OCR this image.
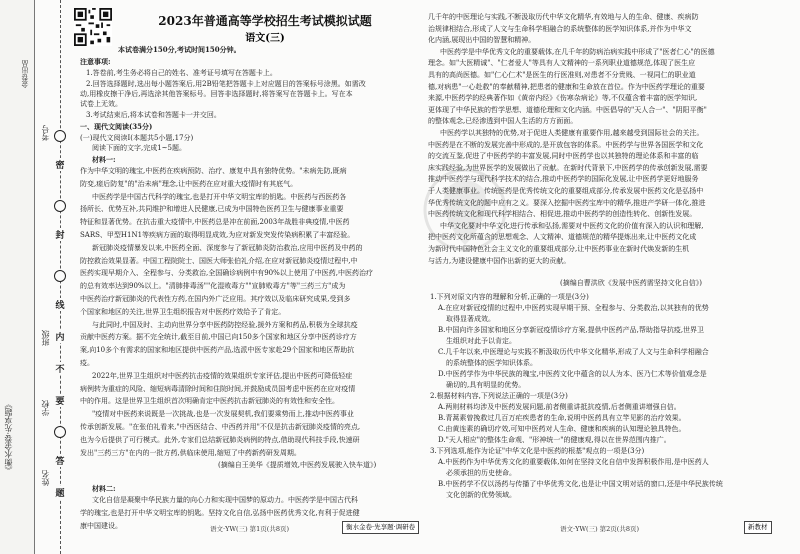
《衡水金卷·先享题》
金卷出品
姓名
班级
学校
考号
密
封
线
内
不
要
答
题
2023年普通高等学校招生考试模拟试题
语文(三)
本试卷满分150分,考试时间150分钟。
注意事项:
1.答卷前,考生务必将自己的姓名、准考证号填写在答题卡上。
2.回答选择题时,选出每小题答案后,用2B铅笔把答题卡上对应题目的答案标号涂黑。如需改
动,用橡皮擦干净后,再选涂其他答案标号。回答非选择题时,将答案写在答题卡上。写在本
试卷上无效。
3.考试结束后,将本试卷和答题卡一并交回。
一、现代文阅读(35分)
(一)现代文阅读Ⅰ(本题共5小题,17分)
阅读下面的文字,完成1~5题。
材料一:
材料二:
(摘编自曹洪欣《发展中医药需坚持文化自信》)
语文·YW(三) 第1页(共8页)	衡水金卷·先享题·调研卷	语文·YW(三) 第2页(共8页)	新教材
作为中华文明的瑰宝,中医药在疾病预防、治疗、康复中具有独特优势。"未病先防,既病
防变,瘥后防复"的"治未病"理念,让中医药在应对重大疫情时有其底气。
中医药学是中国古代科学的瑰宝,也是打开中华文明宝库的钥匙。中医药与西医药各
扬所长、优势互补,共同维护和增进人民健康,已成为中国特色医药卫生与健康事业重要
特征和显著优势。在抗击重大疫情中,中医药总是冲在前面,2003年战胜非典疫情,中医药
SARS、甲型H1N1等疾病方面的取得明显成效,为应对新发突发传染病积累了丰富经验。
新冠肺炎疫情暴发以来,中医药全面、深度参与了新冠肺炎防治救治,应用中医药及中药的
防控救治效果显著。中国工程院院士、国医大师张伯礼介绍,在应对新冠肺炎疫情过程中,中
医药实现早期介入、全程参与、分类救治,全国确诊病例中有90%以上使用了中医药,中医药治疗
的总有效率达到90%以上。"清肺排毒汤""化湿败毒方""宣肺败毒方"等"三药三方"成为
中医药治疗新冠肺炎的代表性方药,在国内外广泛应用。其疗效以及临床研究成果,受到多
个国家和地区的关注,世界卫生组织报告对中医药疗效给予了肯定。
与此同时,中国及时、主动向世界分享中医药防控经验,援外方案和药品,积极为全球抗疫
贡献中医药方案。据不完全统计,截至目前,中国已向150多个国家和地区分享中医药诊疗方
案,向10多个有需求的国家和地区提供中医药产品,选派中医专家赴29个国家和地区帮助抗
疫。
2022年,世界卫生组织对中医药抗击疫情的效果组织专家评估,提出中医药可降低轻症
病例转为重症的风险、缩短病毒清除时间和住院时间,并鼓励成员国考虑中医药在应对疫情
中的作用。这是世界卫生组织首次明确肯定中医药抗击新冠肺炎的有效性和安全性。
"疫情对中医药来说既是一次挑战,也是一次发展契机,我们要乘势而上,推动中医药事业
传承创新发展。"在张伯礼看来,"中西医结合、中西药并用"不仅是抗击新冠肺炎疫情的亮点,
也为今后提供了可行模式。此外,专家们总结新冠肺炎病例的特点,借助现代科技手段,快速研
发出"三药三方"在内的一批方药,供临床使用,缩短了中药新药研发周期。
(摘编自王美华《提质增效,中医药发展驶入快车道》)
文化自信是凝聚中华民族力量的向心力和实现中国梦的原动力。中医药学是中国古代科
学的瑰宝,也是打开中华文明宝库的钥匙。坚持文化自信,弘扬中医药优秀文化,有利于促进健
康中国建设。
几千年的中医理论与实践,不断汲取历代中华文化精华,有效地与人的生命、健康、疾病防
治规律相结合,形成了人文与生命科学相融合的系统整体的医学知识体系,并作为中华文
化内涵,展现出中国的智慧和精神。
中医药学是中华优秀文化的重要载体,在几千年的防病治病实践中形成了"医者仁心"的医德
理念。如"大医精诚"、"仁者爱人"等具有人文精神的一系列职业道德规范,体现了医生应
具有的高尚医德。如"仁心仁术"是医生的行医准则,对患者不分贵贱、一视同仁的职业道
德,对病患"一心赴救"的奉献精神,把患者的健康和生命放在首位。作为中医药学理论的重要
来源,中医药学的经典著作如《黄帝内经》《伤寒杂病论》等,不仅蕴含着丰富的医学知识,
更体现了中华民族的哲学思想、道德伦理和文化内涵。中医倡导的"天人合一"、"阴阳平衡"
的整体观念,已经渗透到中国人生活的方方面面。
中医药学以其独特的优势,对于促进人类健康有重要作用,越来越受到国际社会的关注。
中医药是在不断的发展完善中形成的,是开放包容的体系。中医药学与世界各国医学和文化
的交流互鉴,促进了中医药学的丰富发展,同时中医药学也以其独特的理论体系和丰富的临
床实践经验,为世界医学的发展做出了贡献。在新时代背景下,中医药学的传承创新发展,需要
推动中医药学与现代科学技术的结合,推动中医药学的国际化发展,让中医药学更好地服务
于人类健康事业。传统医药是优秀传统文化的重要组成部分,传承发展中医药文化是弘扬中
华优秀传统文化的题中应有之义。要深入挖掘中医药宝库中的精华,推进产学研一体化,推进
中医药传统文化和现代科学相结合、相促进,推动中医药学的创造性转化、创新性发展。
中华文化要对中华文化进行传承和弘扬,需要对中医药文化的价值有深入的认识和理解,
把中医药文化所蕴含的思想观念、人文精神、道德规范的精华提炼出来,让中医药文化成
为新时代中国特色社会主义文化的重要组成部分,让中医药事业在新时代焕发新的生机
与活力,为建设健康中国作出新的更大的贡献。
1.下列对原文内容的理解和分析,正确的一项是(3分)
A.在应对新冠疫情的过程中,中医药实现早期干预、全程参与、分类救治,以其独有的优势
取得显著成效。
B.中国向许多国家和地区分享新冠疫情诊疗方案,提供中医药产品,帮助指导抗疫,世界卫
生组织对此予以肯定。
C.几千年以来,中医理论与实践不断汲取历代中华文化精华,形成了人文与生命科学相融合
的系统整体的医学知识体系。
D.中医药学作为中华民族的瑰宝,中医药文化中蕴含的以人为本、医乃仁术等价值观念是
确切的,具有明显的优势。
2.根据材料内容,下列说法正确的一项是(3分)
A.两则材料均涉及中医药发展问题,前者侧重讲抵抗疫情,后者侧重讲增强自信。
B.青蒿素曾挽救过几百万疟疾患者的生命,说明中医药具有立竿见影的治疗效果。
C.由黄连素的确切疗效,可知中医药对人生命、健康和疾病的认知理论独具特色。
D."天人相应"的整体生命观、"形神统一"的健康观,得以在世界范围内推广。
3.下列选项,能作为论证"中华文化是中医药的根基"观点的一项是(3分)
A.中医药作为中华优秀文化的重要载体,如何在坚持文化自信中发挥积极作用,是中医药人
必须承担的历史使命。
B.中医药学不仅以汤药与传播了中华优秀文化,也是让中国文明对话的窗口,还是中华民族传统
文化创新的优势领域。
